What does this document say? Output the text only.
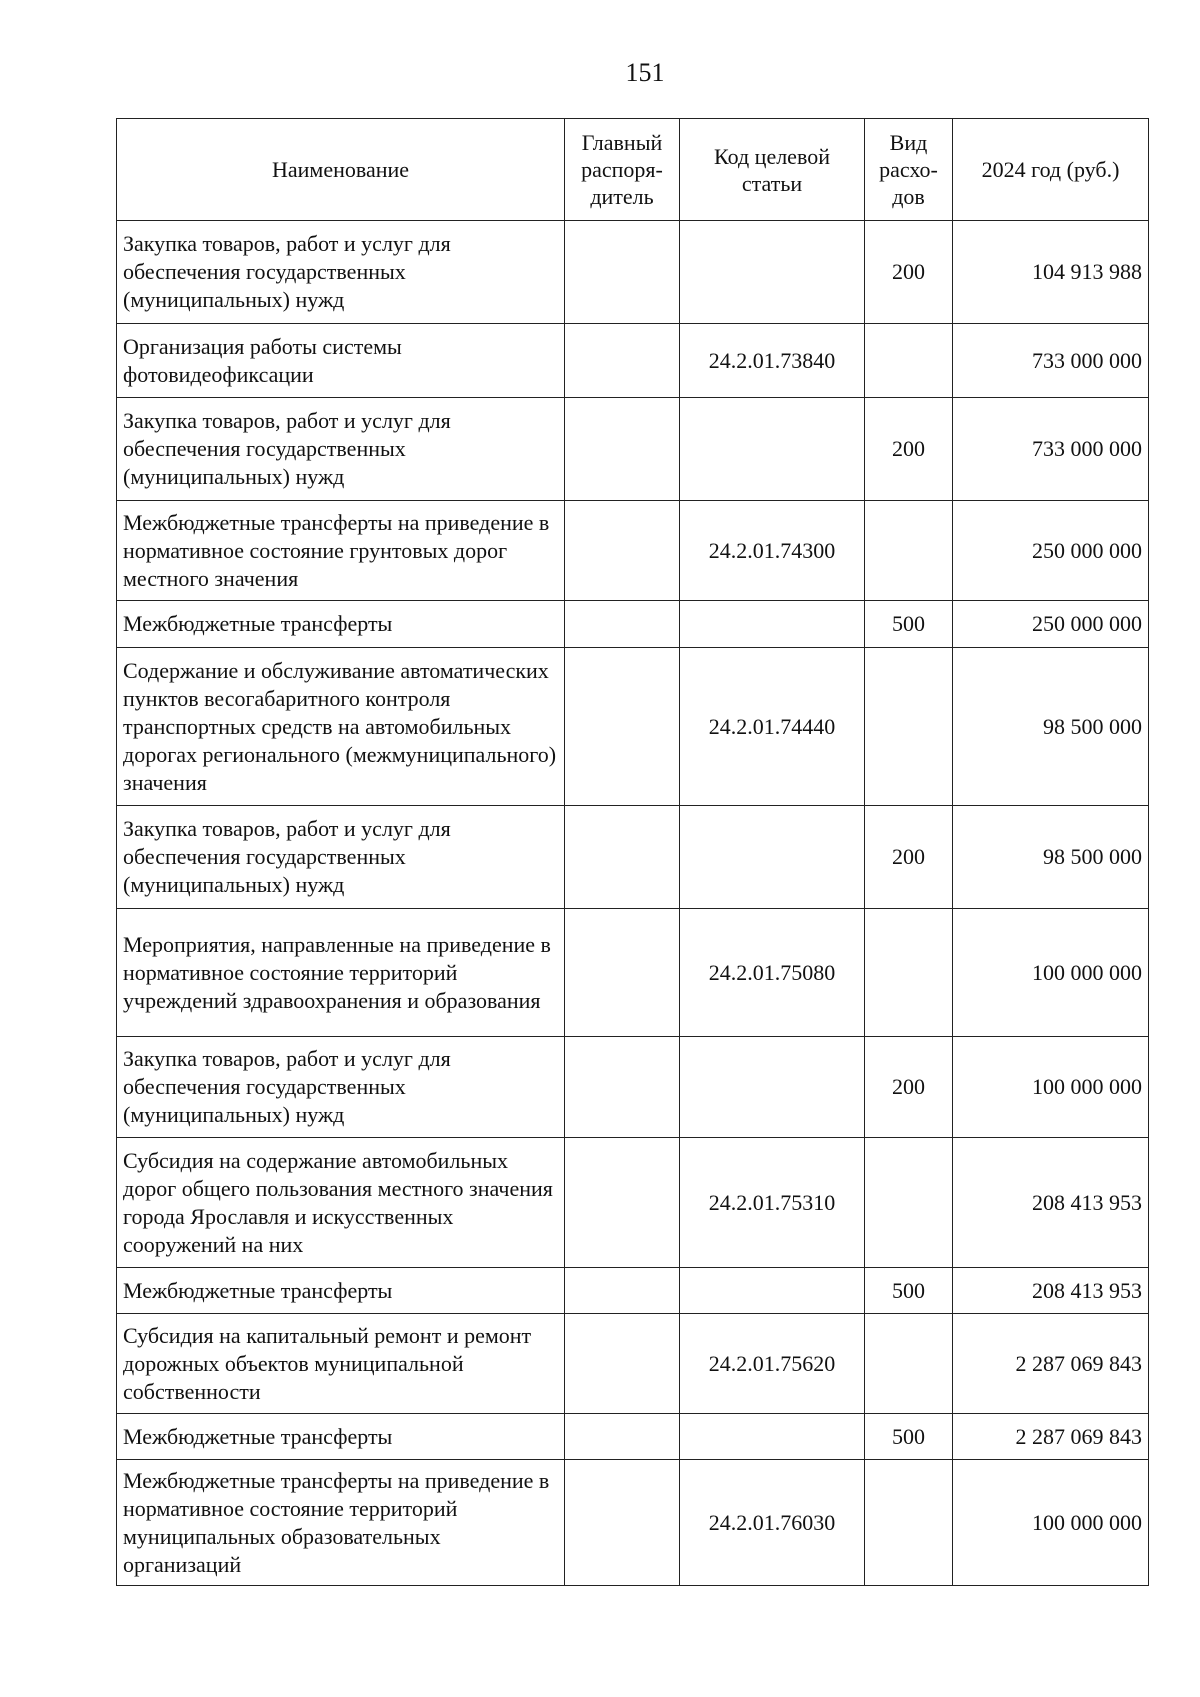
151
Наименование	Главный распоря-дитель	Код целевой статьи	Вид расхо-дов	2024 год (руб.)
Закупка товаров, работ и услуг для обеспечения государственных (муниципальных) нужд			200	104 913 988
Организация работы системы фотовидеофиксации		24.2.01.73840		733 000 000
Закупка товаров, работ и услуг для обеспечения государственных (муниципальных) нужд			200	733 000 000
Межбюджетные трансферты на приведение в нормативное состояние грунтовых дорог местного значения		24.2.01.74300		250 000 000
Межбюджетные трансферты			500	250 000 000
Содержание и обслуживание автоматических пунктов весогабаритного контроля транспортных средств на автомобильных дорогах регионального (межмуниципального) значения		24.2.01.74440		98 500 000
Закупка товаров, работ и услуг для обеспечения государственных (муниципальных) нужд			200	98 500 000
Мероприятия, направленные на приведение в нормативное состояние территорий учреждений здравоохранения и образования		24.2.01.75080		100 000 000
Закупка товаров, работ и услуг для обеспечения государственных (муниципальных) нужд			200	100 000 000
Субсидия на содержание автомобильных дорог общего пользования местного значения города Ярославля и искусственных сооружений на них		24.2.01.75310		208 413 953
Межбюджетные трансферты			500	208 413 953
Субсидия на капитальный ремонт и ремонт дорожных объектов муниципальной собственности		24.2.01.75620		2 287 069 843
Межбюджетные трансферты			500	2 287 069 843
Межбюджетные трансферты на приведение в нормативное состояние территорий муниципальных образовательных организаций		24.2.01.76030		100 000 000
